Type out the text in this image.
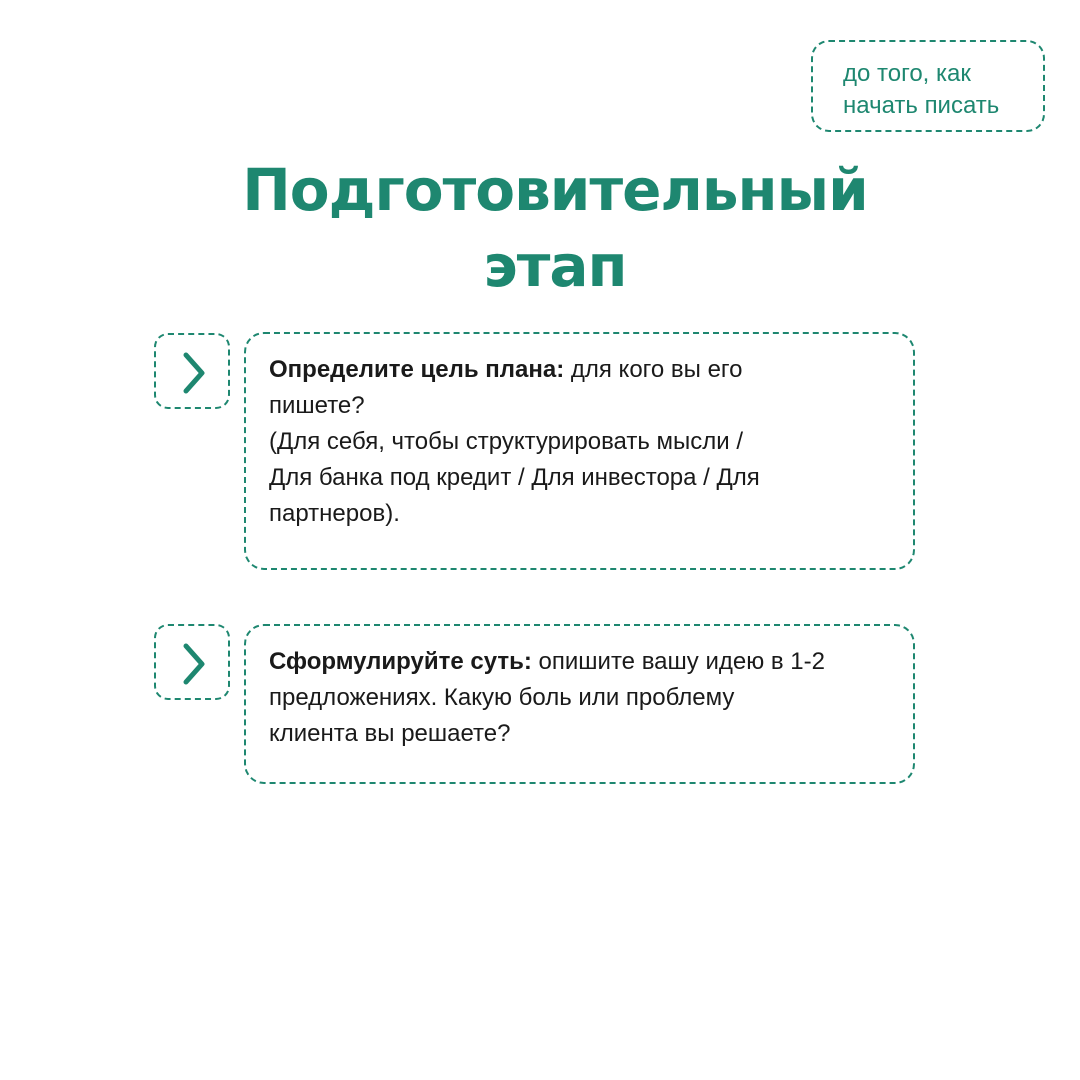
до того, как
начать писать
Подготовительный
этап
Определите цель плана: для кого вы его
пишете?
(Для себя, чтобы структурировать мысли /
Для банка под кредит / Для инвестора / Для
партнеров).
Сформулируйте суть: опишите вашу идею в 1-2
предложениях. Какую боль или проблему
клиента вы решаете?
